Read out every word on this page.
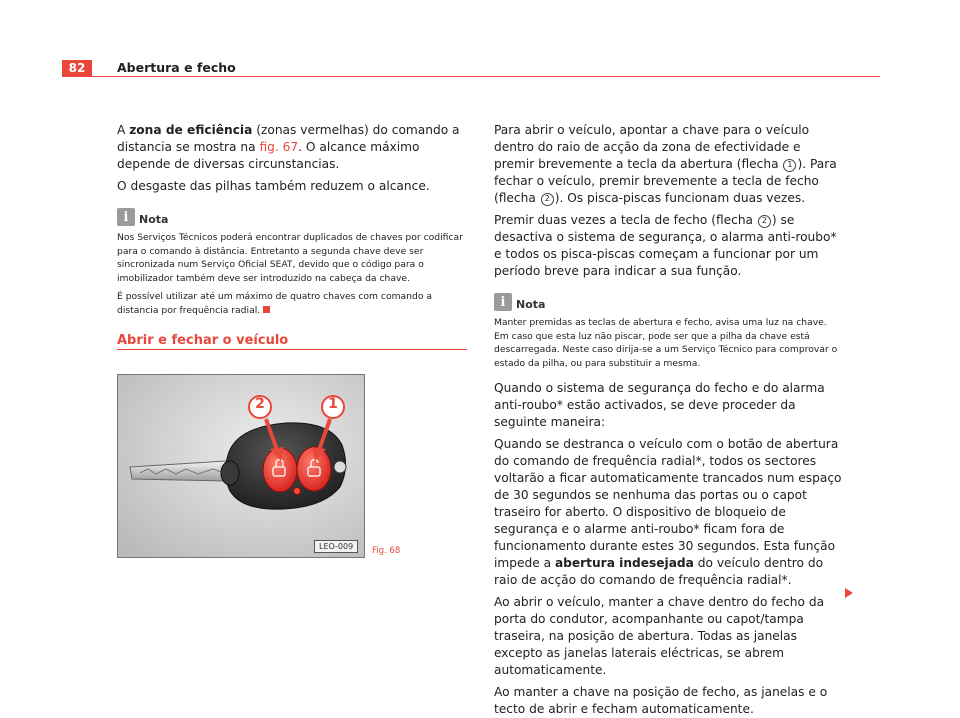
82	Abertura e fecho

A zona de eficiência (zonas vermelhas) do comando a distancia se mostra na fig. 67. O alcance máximo depende de diversas circunstancias.

O desgaste das pilhas também reduzem o alcance.

i Nota

Nos Serviços Técnicos poderá encontrar duplicados de chaves por codificar para o comando à distância. Entretanto a segunda chave deve ser sincronizada num Serviço Oficial SEAT, devido que o código para o imobilizador também deve ser introduzido na cabeça da chave.

É possível utilizar até um máximo de quatro chaves com comando a distancia por frequência radial.

Abrir e fechar o veículo
2	1
LEO-009	Fig. 68

Para abrir o veículo, apontar a chave para o veículo dentro do raio de acção da zona de efectividade e premir brevemente a tecla da abertura (flecha 1 ). Para fechar o veículo, premir brevemente a tecla de fecho (flecha 2 ). Os pisca-piscas funcionam duas vezes.

Premir duas vezes a tecla de fecho (flecha 2 ) se desactiva o sistema de segurança, o alarma anti-roubo* e todos os pisca-piscas começam a funcionar por um período breve para indicar a sua função.

i Nota

Manter premidas as teclas de abertura e fecho, avisa uma luz na chave. Em caso que esta luz não piscar, pode ser que a pilha da chave está descarregada. Neste caso dirija-se a um Serviço Técnico para comprovar o estado da pilha, ou para substituir a mesma.

Quando o sistema de segurança do fecho e do alarma anti-roubo* estão activados, se deve proceder da seguinte maneira:

Quando se destranca o veículo com o botão de abertura do comando de frequência radial*, todos os sectores voltarão a ficar automaticamente trancados num espaço de 30 segundos se nenhuma das portas ou o capot traseiro for aberto. O dispositivo de bloqueio de segurança e o alarme anti-roubo* ficam fora de funcionamento durante estes 30 segundos. Esta função impede a abertura indesejada do veículo dentro do raio de acção do comando de frequência radial*.

Ao abrir o veículo, manter a chave dentro do fecho da porta do condutor, acompanhante ou capot/tampa traseira, na posição de abertura. Todas as janelas excepto as janelas laterais eléctricas, se abrem automaticamente.

Ao manter a chave na posição de fecho, as janelas e o tecto de abrir e fecham automaticamente.
